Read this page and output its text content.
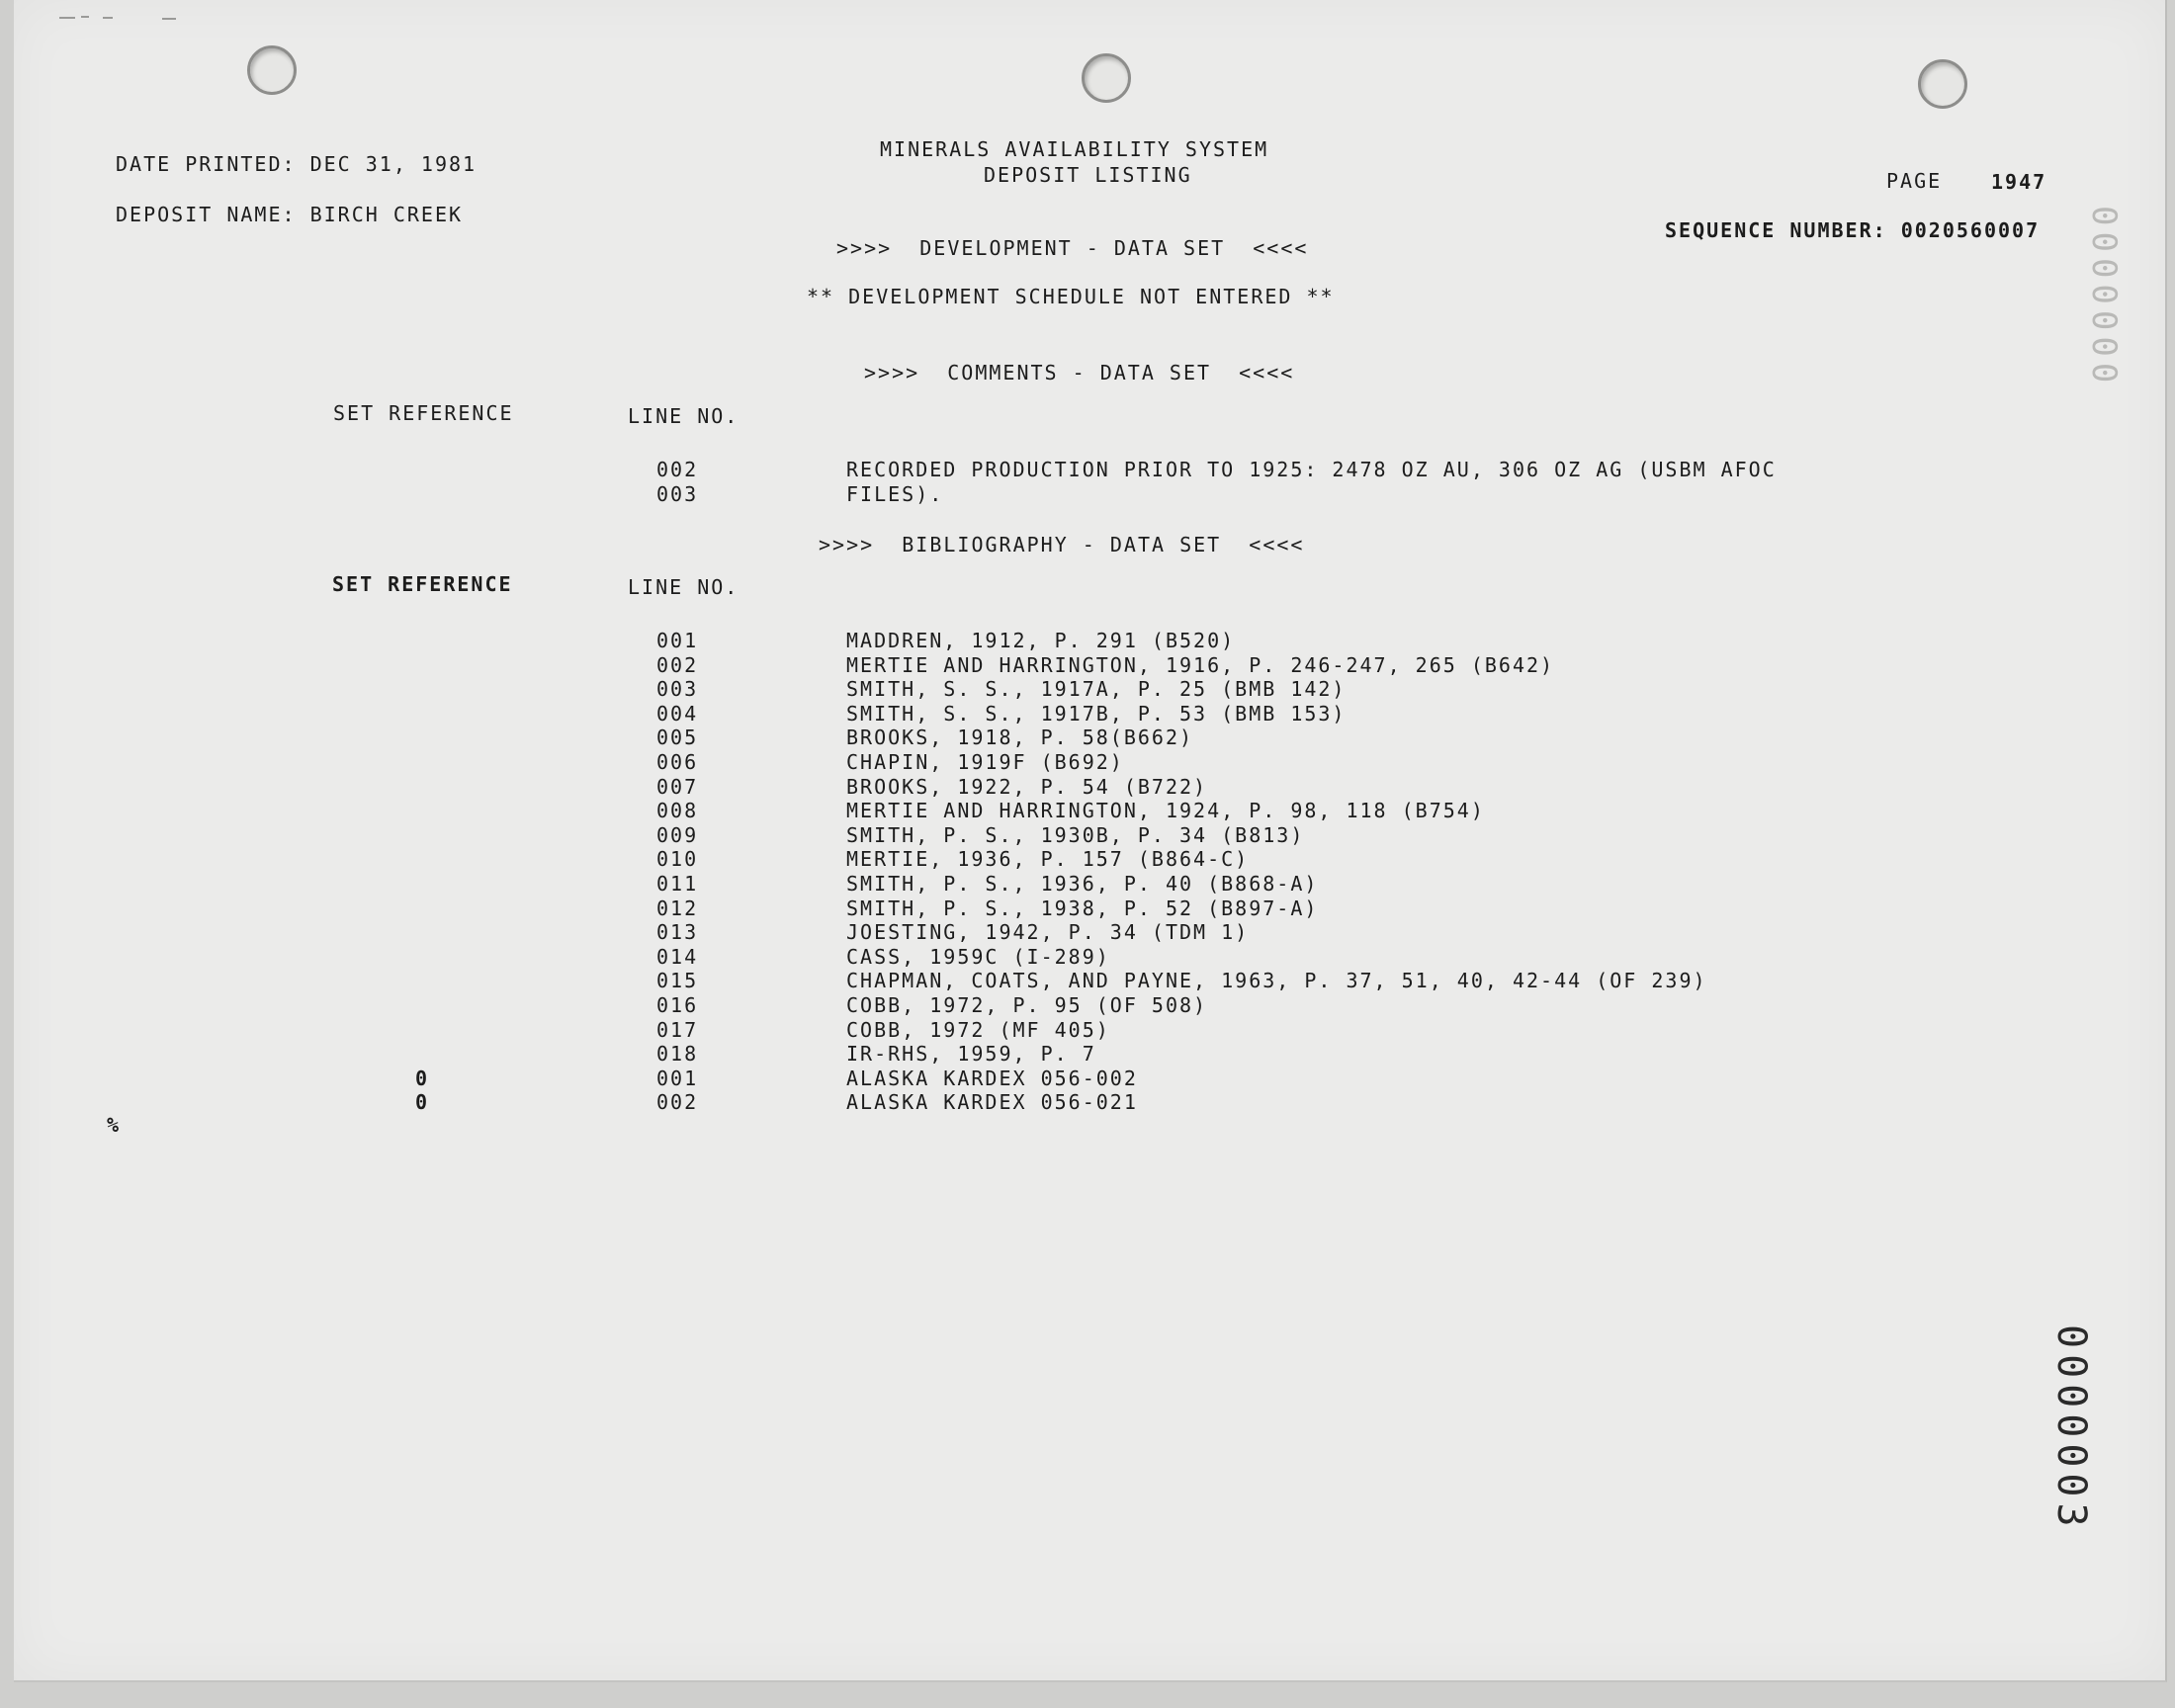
DATE PRINTED: DEC 31, 1981
DEPOSIT NAME: BIRCH CREEK
MINERALS AVAILABILITY SYSTEM
DEPOSIT LISTING	PAGE 1947
SEQUENCE NUMBER: 0020560007
>>>>  DEVELOPMENT - DATA SET  <<<<
** DEVELOPMENT SCHEDULE NOT ENTERED **
>>>>  COMMENTS - DATA SET  <<<<
SET REFERENCE	LINE NO.
002	RECORDED PRODUCTION PRIOR TO 1925: 2478 OZ AU, 306 OZ AG (USBM AFOC
003	FILES).
>>>>  BIBLIOGRAPHY - DATA SET  <<<<
SET REFERENCE	LINE NO.
001	MADDREN, 1912, P. 291 (B520)
002	MERTIE AND HARRINGTON, 1916, P. 246-247, 265 (B642)
003	SMITH, S. S., 1917A, P. 25 (BMB 142)
004	SMITH, S. S., 1917B, P. 53 (BMB 153)
005	BROOKS, 1918, P. 58(B662)
006	CHAPIN, 1919F (B692)
007	BROOKS, 1922, P. 54 (B722)
008	MERTIE AND HARRINGTON, 1924, P. 98, 118 (B754)
009	SMITH, P. S., 1930B, P. 34 (B813)
010	MERTIE, 1936, P. 157 (B864-C)
011	SMITH, P. S., 1936, P. 40 (B868-A)
012	SMITH, P. S., 1938, P. 52 (B897-A)
013	JOESTING, 1942, P. 34 (TDM 1)
014	CASS, 1959C (I-289)
015	CHAPMAN, COATS, AND PAYNE, 1963, P. 37, 51, 40, 42-44 (OF 239)
016	COBB, 1972, P. 95 (OF 508)
017	COBB, 1972 (MF 405)
018	IR-RHS, 1959, P. 7
0	001	ALASKA KARDEX 056-002
0	002	ALASKA KARDEX 056-021
%
0000003
0000000
